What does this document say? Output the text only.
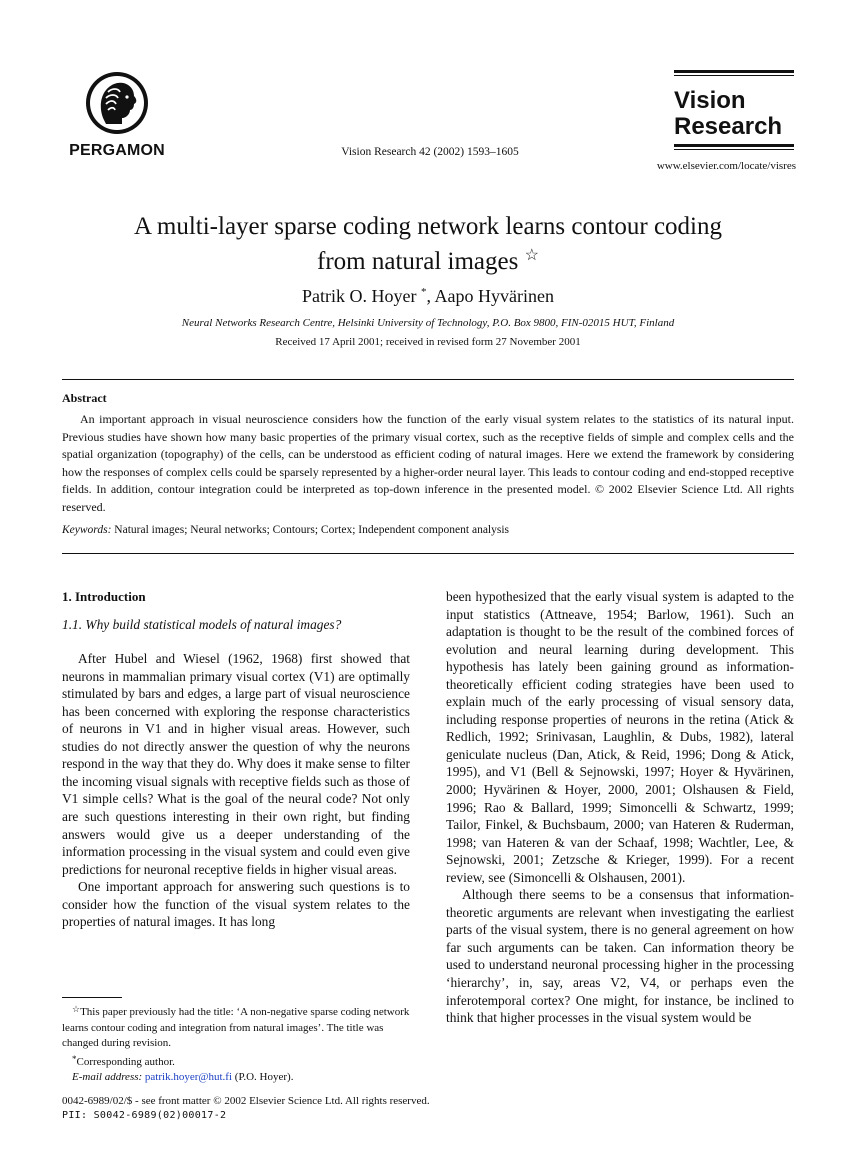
PERGAMON	Vision Research 42 (2002) 1593–1605
Vision
Research
www.elsevier.com/locate/visres
A multi-layer sparse coding network learns contour coding
from natural images ☆
Patrik O. Hoyer *, Aapo Hyvärinen
Neural Networks Research Centre, Helsinki University of Technology, P.O. Box 9800, FIN-02015 HUT, Finland
Received 17 April 2001; received in revised form 27 November 2001
Abstract

An important approach in visual neuroscience considers how the function of the early visual system relates to the statistics of its natural input. Previous studies have shown how many basic properties of the primary visual cortex, such as the receptive fields of simple and complex cells and the spatial organization (topography) of the cells, can be understood as efficient coding of natural images. Here we extend the framework by considering how the responses of complex cells could be sparsely represented by a higher-order neural layer. This leads to contour coding and end-stopped receptive fields. In addition, contour integration could be interpreted as top-down inference in the presented model. © 2002 Elsevier Science Ltd. All rights reserved.

Keywords: Natural images; Neural networks; Contours; Cortex; Independent component analysis
1. Introduction
1.1. Why build statistical models of natural images?

After Hubel and Wiesel (1962, 1968) first showed that neurons in mammalian primary visual cortex (V1) are optimally stimulated by bars and edges, a large part of visual neuroscience has been concerned with exploring the response characteristics of neurons in V1 and in higher visual areas. However, such studies do not directly answer the question of why the neurons respond in the way that they do. Why does it make sense to filter the incoming visual signals with receptive fields such as those of V1 simple cells? What is the goal of the neural code? Not only are such questions interesting in their own right, but finding answers would give us a deeper understanding of the information processing in the visual system and could even give predictions for neuronal receptive fields in higher visual areas.

One important approach for answering such questions is to consider how the function of the visual system relates to the properties of natural images. It has long

been hypothesized that the early visual system is adapted to the input statistics (Attneave, 1954; Barlow, 1961). Such an adaptation is thought to be the result of the combined forces of evolution and neural learning during development. This hypothesis has lately been gaining ground as information-theoretically efficient coding strategies have been used to explain much of the early processing of visual sensory data, including response properties of neurons in the retina (Atick & Redlich, 1992; Srinivasan, Laughlin, & Dubs, 1982), lateral geniculate nucleus (Dan, Atick, & Reid, 1996; Dong & Atick, 1995), and V1 (Bell & Sejnowski, 1997; Hoyer & Hyvärinen, 2000; Hyvärinen & Hoyer, 2000, 2001; Olshausen & Field, 1996; Rao & Ballard, 1999; Simoncelli & Schwartz, 1999; Tailor, Finkel, & Buchsbaum, 2000; van Hateren & Ruderman, 1998; van Hateren & van der Schaaf, 1998; Wachtler, Lee, & Sejnowski, 2001; Zetzsche & Krieger, 1999). For a recent review, see (Simoncelli & Olshausen, 2001).

Although there seems to be a consensus that information-theoretic arguments are relevant when investigating the earliest parts of the visual system, there is no general agreement on how far such arguments can be taken. Can information theory be used to understand neuronal processing higher in the processing ‘hierarchy’, in, say, areas V2, V4, or perhaps even the inferotemporal cortex? One might, for instance, be inclined to think that higher processes in the visual system would be

☆This paper previously had the title: ‘A non-negative sparse coding network learns contour coding and integration from natural images’. The title was changed during revision.
*Corresponding author.
E-mail address: patrik.hoyer@hut.fi (P.O. Hoyer).
0042-6989/02/$ - see front matter © 2002 Elsevier Science Ltd. All rights reserved.
PII: S0042-6989(02)00017-2
